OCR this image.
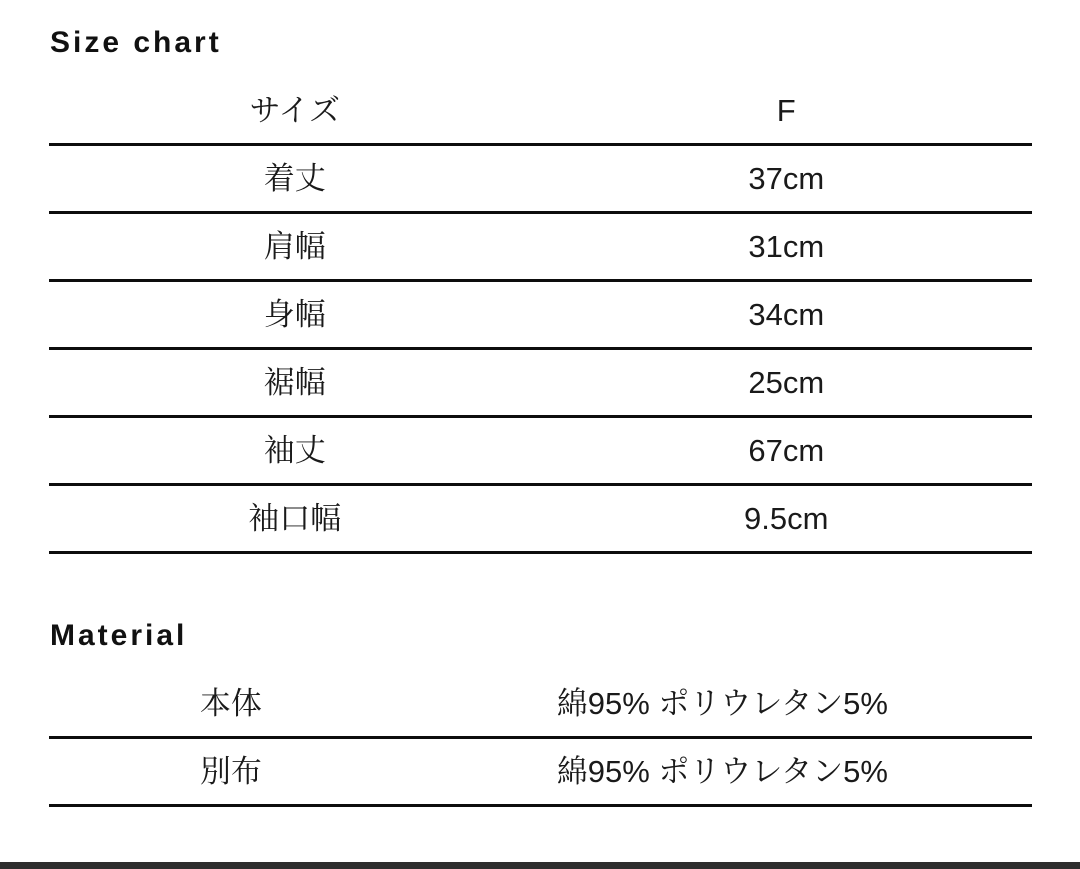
Size chart
サイズ	F
着丈	37cm
肩幅	31cm
身幅	34cm
裾幅	25cm
袖丈	67cm
袖口幅	9.5cm
Material
本体	綿95% ポリウレタン5%
別布	綿95% ポリウレタン5%
